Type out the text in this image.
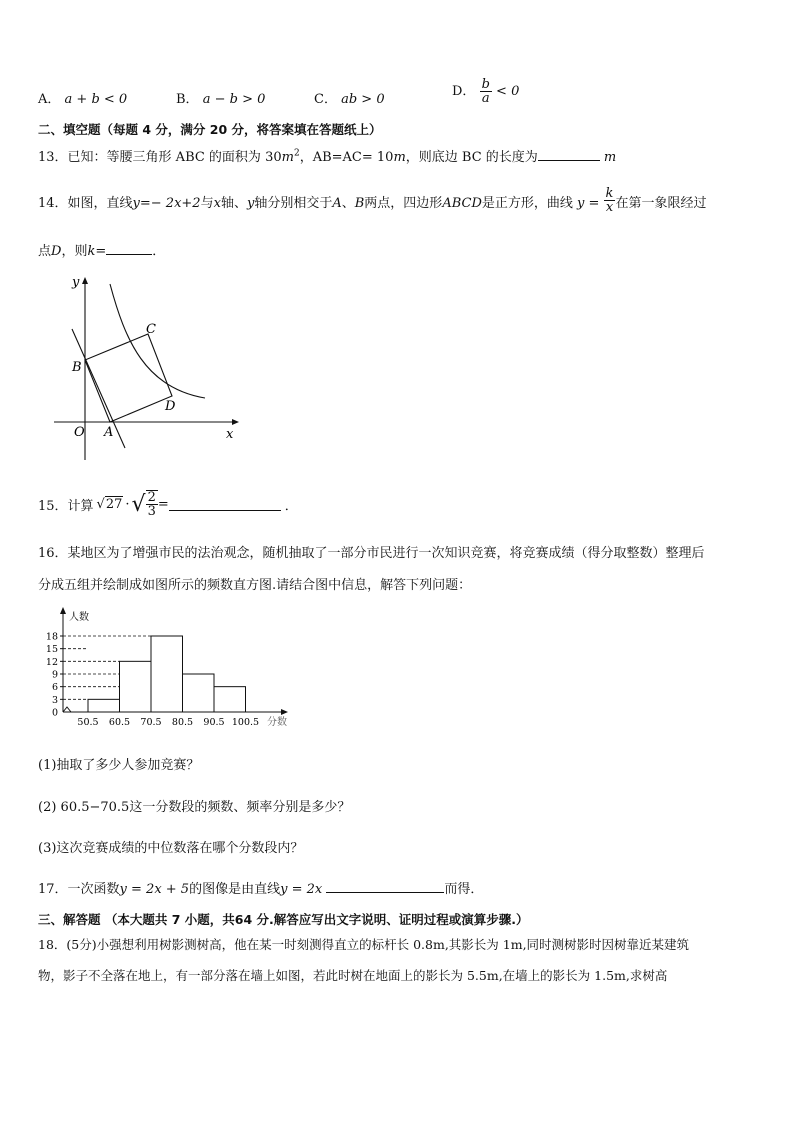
A． a + b < 0	B． a − b > 0	C． ab > 0
D． $\frac{b}{a} < 0$
二、填空题（每题 4 分，满分 20 分，将答案填在答题纸上）
13．已知：等腰三角形 ABC 的面积为 $30m^2$，AB=AC= 10m，则底边 BC 的长度为	m
14．如图，直线y=− 2x+2与x轴、y轴分别相交于A、B两点，四边形ABCD是正方形，曲线 $y = \frac{k}{x}$ 在第一象限经过
点D，则k=	．
y
x
O A
B
C
D
15．计算 √27 · √ $\frac{2}{3}$ =	．
16．某地区为了增强市民的法治观念，随机抽取了一部分市民进行一次知识竞赛，将竞赛成绩（得分取整数）整理后
分成五组并绘制成如图所示的频数直方图.请结合图中信息，解答下列问题：
0
3
6
9
12
15
18
50.5 60.5 70.5 80.5 90.5 100.5
人数
分数
(1)抽取了多少人参加竞赛？
(2) 60.5−70.5这一分数段的频数、频率分别是多少？
(3)这次竞赛成绩的中位数落在哪个分数段内？
17．一次函数y = 2x + 5的图像是由直线y = 2x	而得．
三、解答题 （本大题共 7 小题，共64 分.解答应写出文字说明、证明过程或演算步骤.）
18．(5分)小强想利用树影测树高，他在某一时刻测得直立的标杆长 0.8m,其影长为 1m,同时测树影时因树靠近某建筑
物，影子不全落在地上，有一部分落在墙上如图，若此时树在地面上的影长为 5.5m,在墙上的影长为 1.5m,求树高
